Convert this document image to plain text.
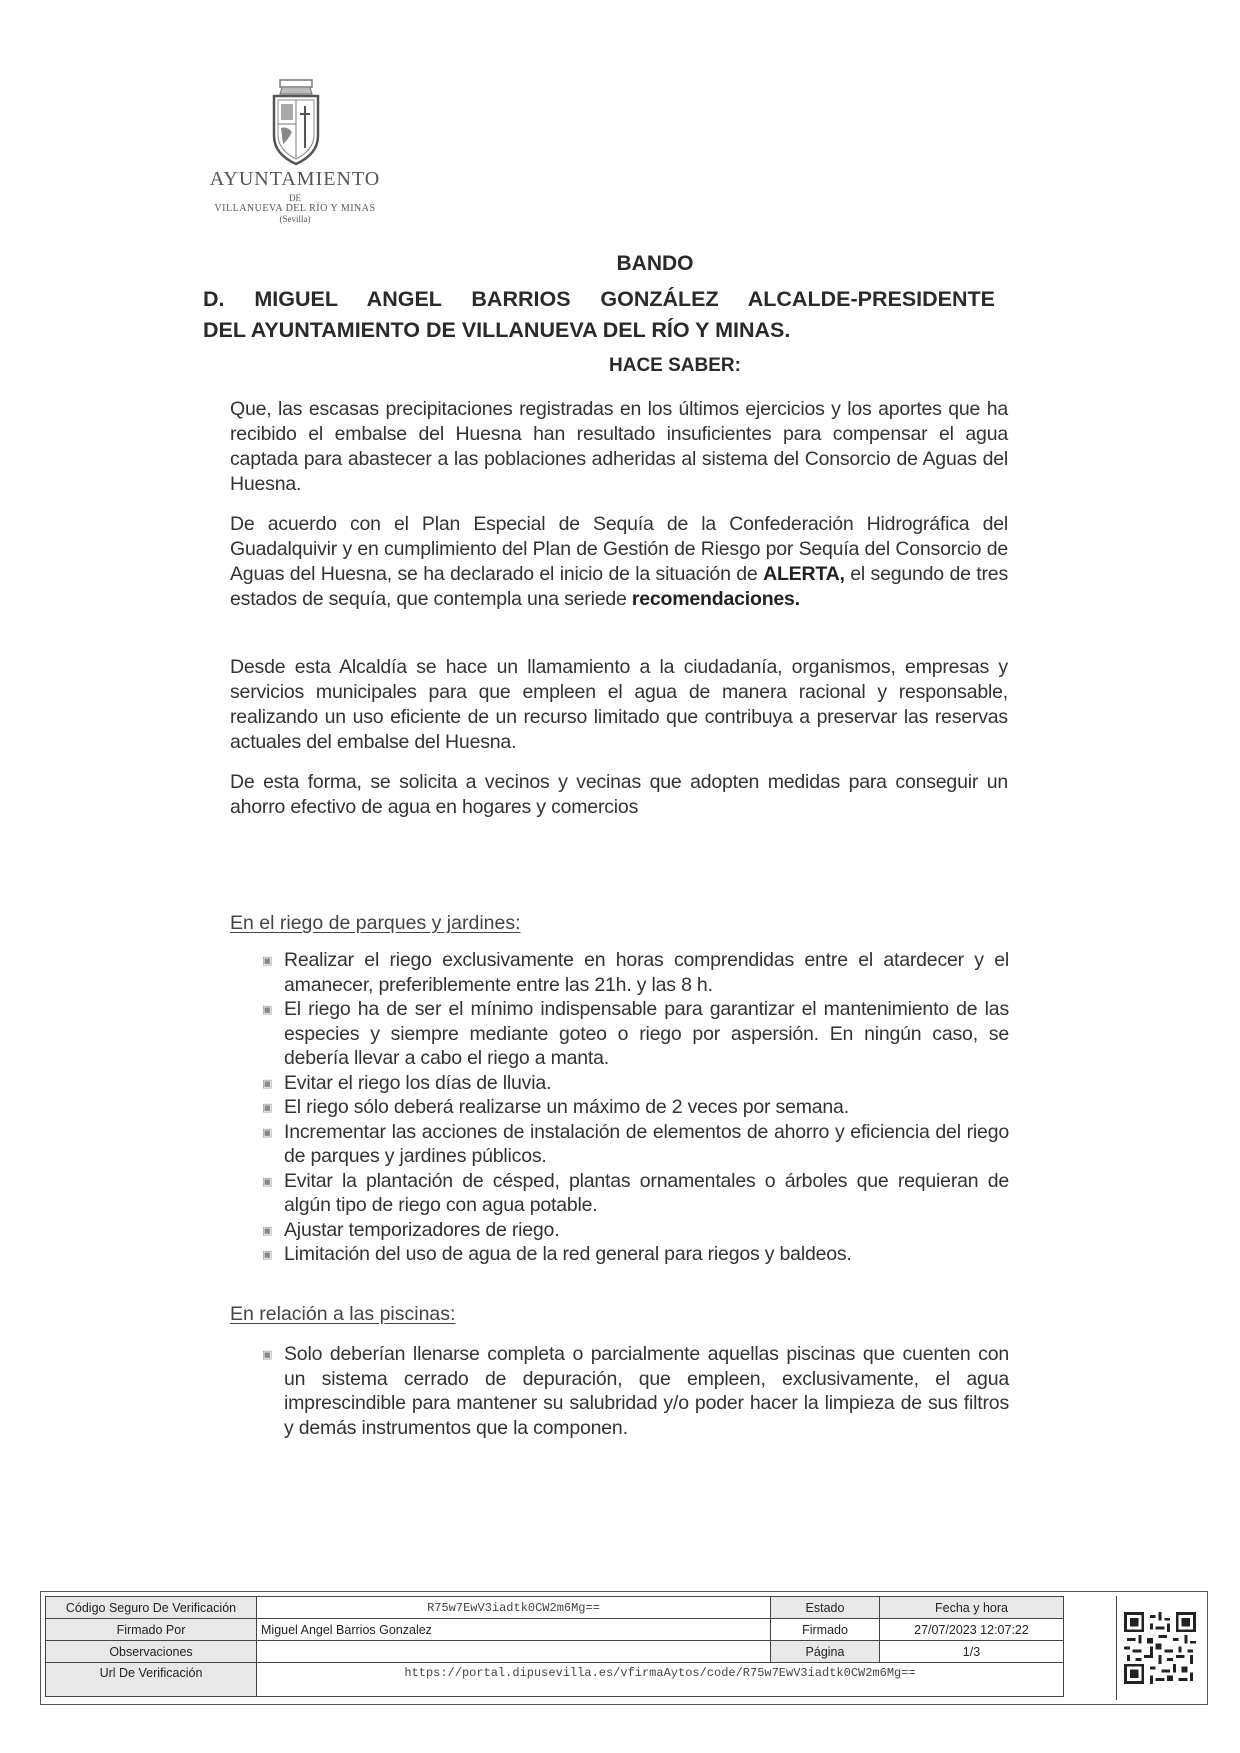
AYUNTAMIENTO
DE
VILLANUEVA DEL RÍO Y MINAS
(Sevilla)
BANDO
D. MIGUEL ANGEL BARRIOS GONZÁLEZ ALCALDE-PRESIDENTE
DEL AYUNTAMIENTO DE VILLANUEVA DEL RÍO Y MINAS.
HACE SABER:
Que, las escasas precipitaciones registradas en los últimos ejercicios y los aportes que ha recibido el embalse del Huesna han resultado insuficientes para compensar el agua captada para abastecer a las poblaciones adheridas al sistema del Consorcio de Aguas del Huesna.
De acuerdo con el Plan Especial de Sequía de la Confederación Hidrográfica del Guadalquivir y en cumplimiento del Plan de Gestión de Riesgo por Sequía del Consorcio de Aguas del Huesna, se ha declarado el inicio de la situación de ALERTA, el segundo de tres estados de sequía, que contempla una seriede recomendaciones.
Desde esta Alcaldía se hace un llamamiento a la ciudadanía, organismos, empresas y servicios municipales para que empleen el agua de manera racional y responsable, realizando un uso eficiente de un recurso limitado que contribuya a preservar las reservas actuales del embalse del Huesna.
De esta forma, se solicita a vecinos y vecinas que adopten medidas para conseguir un ahorro efectivo de agua en hogares y comercios
En el riego de parques y jardines:
▣ Realizar el riego exclusivamente en horas comprendidas entre el atardecer y el amanecer, preferiblemente entre las 21h. y las 8 h.
▣ El riego ha de ser el mínimo indispensable para garantizar el mantenimiento de las especies y siempre mediante goteo o riego por aspersión. En ningún caso, se debería llevar a cabo el riego a manta.
▣ Evitar el riego los días de lluvia.
▣ El riego sólo deberá realizarse un máximo de 2 veces por semana.
▣ Incrementar las acciones de instalación de elementos de ahorro y eficiencia del riego de parques y jardines públicos.
▣ Evitar la plantación de césped, plantas ornamentales o árboles que requieran de algún tipo de riego con agua potable.
▣ Ajustar temporizadores de riego.
▣ Limitación del uso de agua de la red general para riegos y baldeos.
En relación a las piscinas:
▣ Solo deberían llenarse completa o parcialmente aquellas piscinas que cuenten con un sistema cerrado de depuración, que empleen, exclusivamente, el agua imprescindible para mantener su salubridad y/o poder hacer la limpieza de sus filtros y demás instrumentos que la componen.
Código Seguro De Verificación	R75w7EwV3iadtk0CW2m6Mg==	Estado	Fecha y hora
Firmado Por	Miguel Angel Barrios Gonzalez	Firmado	27/07/2023 12:07:22
Observaciones		Página	1/3
Url De Verificación	https://portal.dipusevilla.es/vfirmaAytos/code/R75w7EwV3iadtk0CW2m6Mg==		
